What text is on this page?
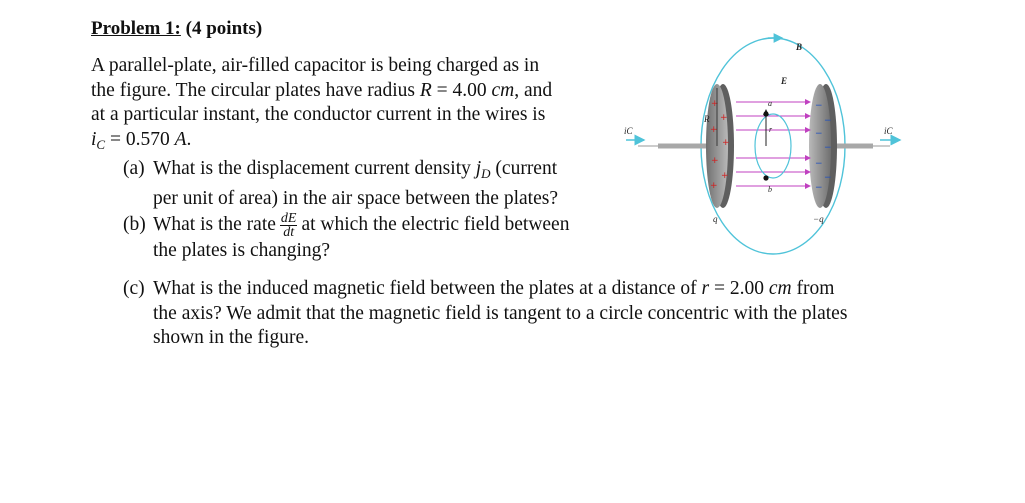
Problem 1: (4 points)

A parallel-plate, air-filled capacitor is being charged as in

the figure. The circular plates have radius R = 4.00 cm, and

at a particular instant, the conductor current in the wires is

$i_C = 0.570$ A.

(a) What is the displacement current density $j_D$ (current
per unit of area) in the air space between the plates?
(b) What is the rate $\frac{dE}{dt}$ at which the electric field between
the plates is changing?
(c) What is the induced magnetic field between the plates at a distance of r = 2.00 cm from
the axis? We admit that the magnetic field is tangent to a circle concentric with the plates
shown in the figure.
+
+
+
+
+
+
+
−
−
−
−
−
−
−
B
E
R
a
b
r
iC	iC
q	−q
